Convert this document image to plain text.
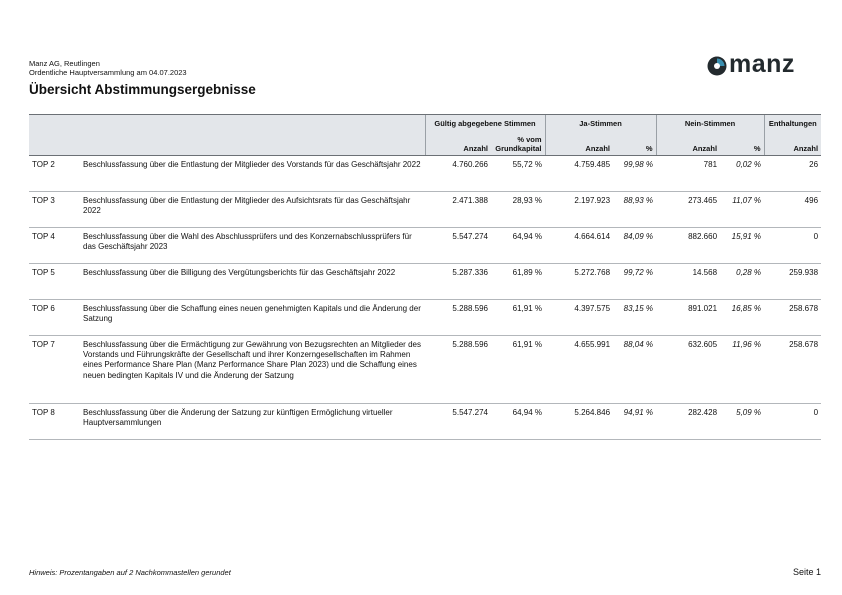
Manz AG, Reutlingen
Ordentliche Hauptversammlung am 04.07.2023
Übersicht Abstimmungsergebnisse
manz
		Gültig abgegebene Stimmen		Ja-Stimmen		Nein-Stimmen		Enthaltungen
		Anzahl	% vom Grundkapital	Anzahl	%	Anzahl	%	Anzahl
TOP 2	Beschlussfassung über die Entlastung der Mitglieder des Vorstands für das Geschäftsjahr 2022	4.760.266	55,72 %	4.759.485	99,98 %	781	0,02 %	26
TOP 3	Beschlussfassung über die Entlastung der Mitglieder des Aufsichtsrats für das Geschäftsjahr 2022	2.471.388	28,93 %	2.197.923	88,93 %	273.465	11,07 %	496
TOP 4	Beschlussfassung über die Wahl des Abschlussprüfers und des Konzernabschlussprüfers für das Geschäftsjahr 2023	5.547.274	64,94 %	4.664.614	84,09 %	882.660	15,91 %	0
TOP 5	Beschlussfassung über die Billigung des Vergütungsberichts für das Geschäftsjahr 2022	5.287.336	61,89 %	5.272.768	99,72 %	14.568	0,28 %	259.938
TOP 6	Beschlussfassung über die Schaffung eines neuen genehmigten Kapitals und die Änderung der Satzung	5.288.596	61,91 %	4.397.575	83,15 %	891.021	16,85 %	258.678
TOP 7	Beschlussfassung über die Ermächtigung zur Gewährung von Bezugsrechten an Mitglieder des Vorstands und Führungskräfte der Gesellschaft und ihrer Konzerngesellschaften im Rahmen eines Performance Share Plan (Manz Performance Share Plan 2023) und die Schaffung eines neuen bedingten Kapitals IV und die Änderung der Satzung	5.288.596	61,91 %	4.655.991	88,04 %	632.605	11,96 %	258.678
TOP 8	Beschlussfassung über die Änderung der Satzung zur künftigen Ermöglichung virtueller Hauptversammlungen	5.547.274	64,94 %	5.264.846	94,91 %	282.428	5,09 %	0
Hinweis: Prozentangaben auf 2 Nachkommastellen gerundet	Seite 1
